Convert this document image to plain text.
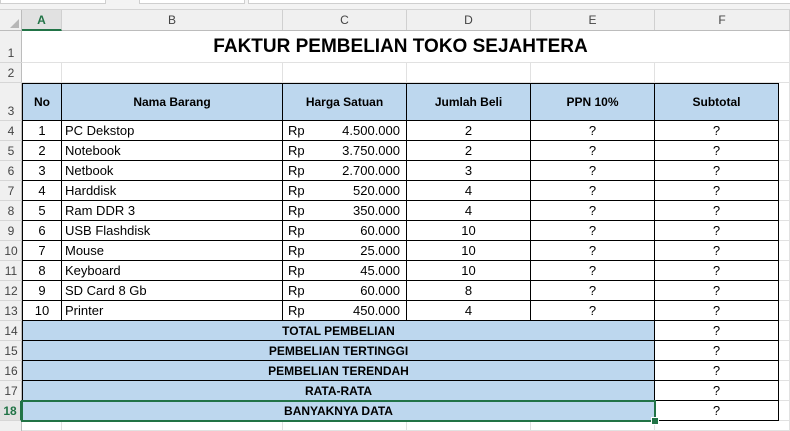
A	B	C	D	E	F
1
2
3
4
5
6
7
8
9
10
11
12
13
14
15
16
17
18
FAKTUR PEMBELIAN TOKO SEJAHTERA
No	Nama Barang	Harga Satuan	Jumlah Beli	PPN 10%	Subtotal
1	PC Dekstop	Rp	4.500.000	2	?	?
2	Notebook	Rp	3.750.000	2	?	?
3	Netbook	Rp	2.700.000	3	?	?
4	Harddisk	Rp	520.000	4	?	?
5	Ram DDR 3	Rp	350.000	4	?	?
6	USB Flashdisk	Rp	60.000	10	?	?
7	Mouse	Rp	25.000	10	?	?
8	Keyboard	Rp	45.000	10	?	?
9	SD Card 8 Gb	Rp	60.000	8	?	?
10	Printer	Rp	450.000	4	?	?
TOTAL PEMBELIAN	?
PEMBELIAN TERTINGGI	?
PEMBELIAN TERENDAH	?
RATA-RATA	?
BANYAKNYA DATA	?
